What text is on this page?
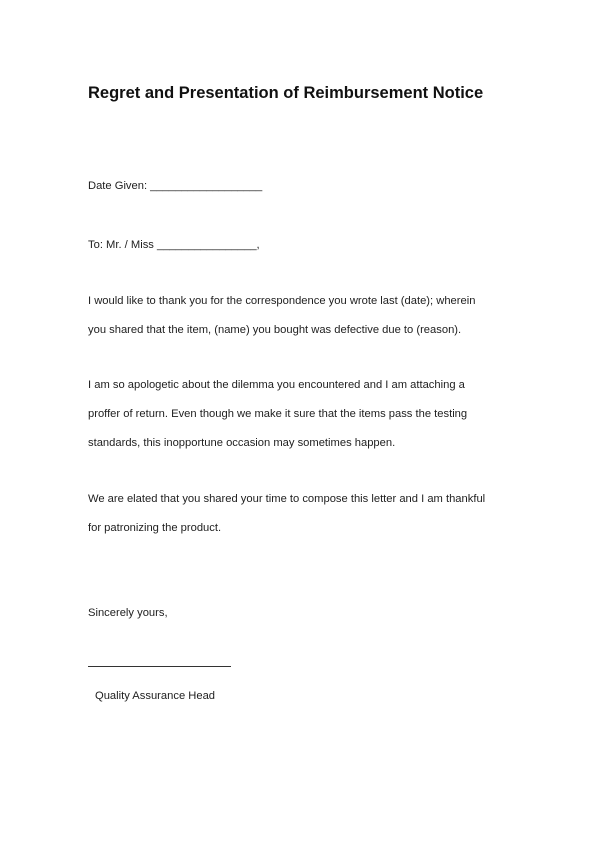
Regret and Presentation of Reimbursement Notice
Date Given: __________________
To: Mr. / Miss ________________,
I would like to thank you for the correspondence you wrote last (date); wherein
you shared that the item, (name) you bought was defective due to (reason).
I am so apologetic about the dilemma you encountered and I am attaching a
proffer of return. Even though we make it sure that the items pass the testing
standards, this inopportune occasion may sometimes happen.
We are elated that you shared your time to compose this letter and I am thankful
for patronizing the product.
Sincerely yours,
Quality Assurance Head
